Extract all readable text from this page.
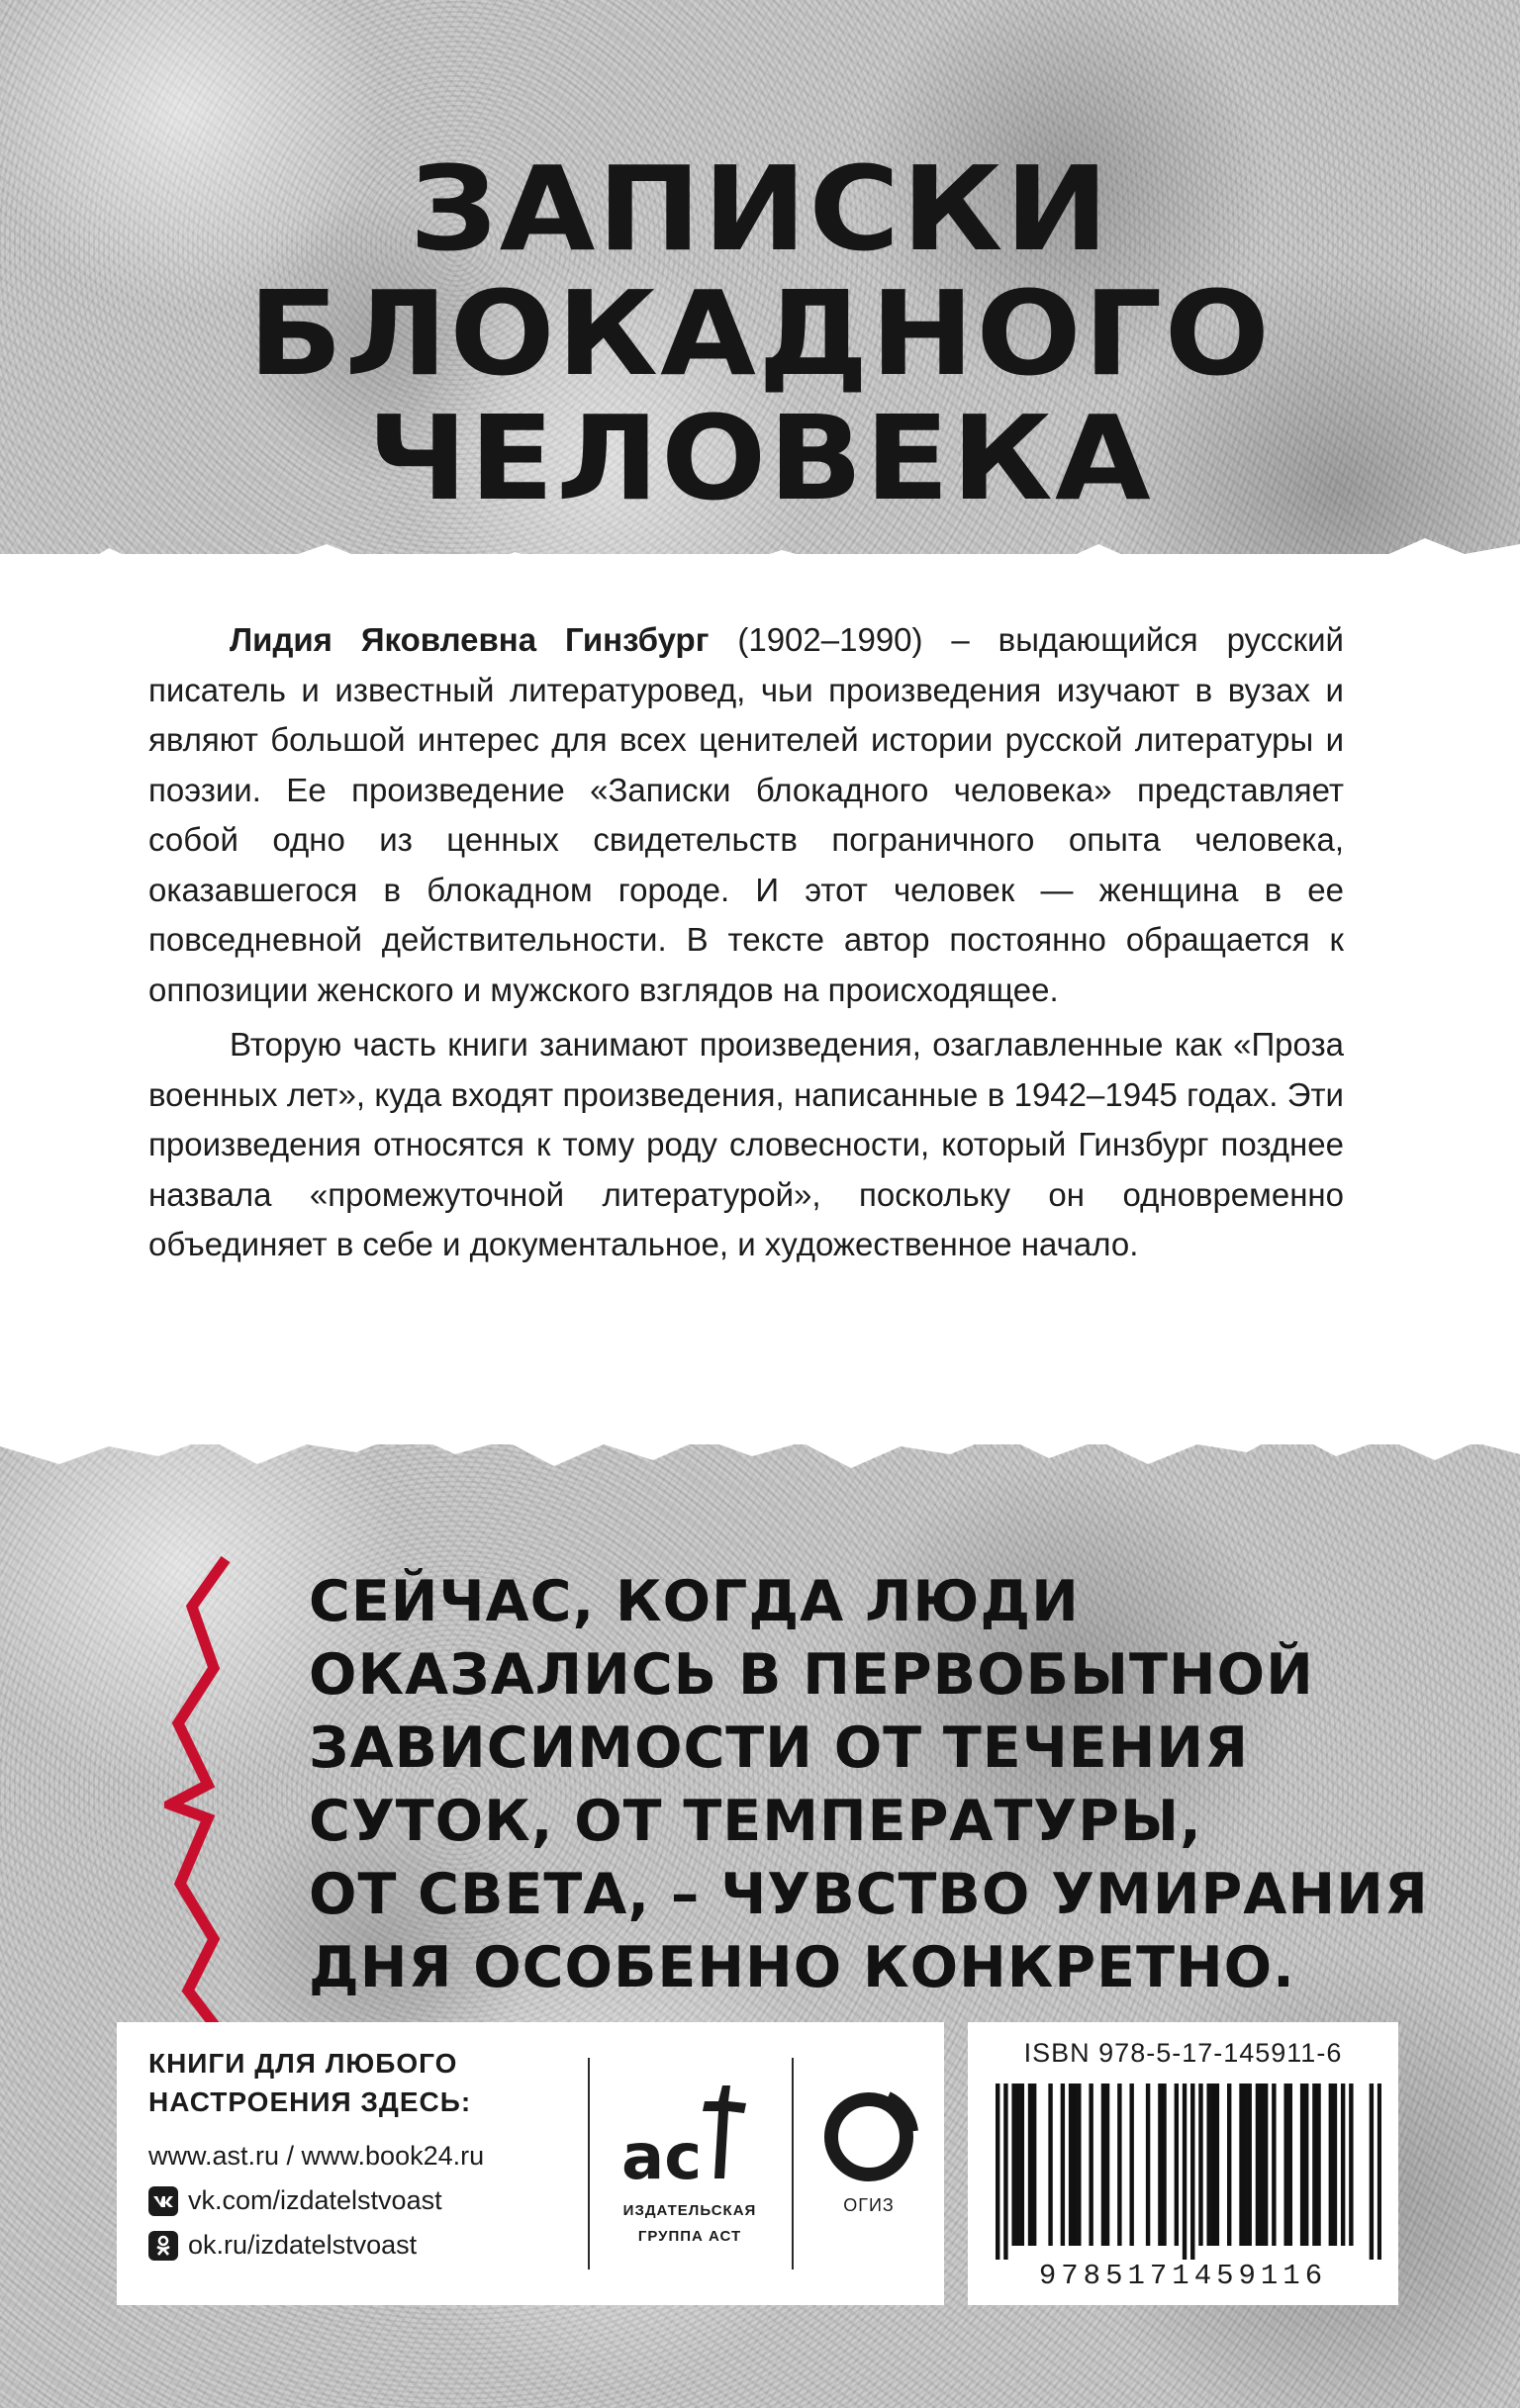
ЗАПИСКИ
БЛОКАДНОГО
ЧЕЛОВЕКА

Лидия Яковлевна Гинзбург (1902–1990) – выдающийся русский писатель и известный литературовед, чьи произведения изучают в вузах и являют большой интерес для всех ценителей истории русской литературы и поэзии. Ее произведение «Записки блокадного человека» представляет собой одно из ценных свидетельств пограничного опыта человека, оказавшегося в блокадном городе. И этот человек — женщина в ее повседневной действительности. В тексте автор постоянно обращается к оппозиции женского и мужского взглядов на происходящее.

Вторую часть книги занимают произведения, озаглавленные как «Проза военных лет», куда входят произведения, написанные в 1942–1945 годах. Эти произведения относятся к тому роду словесности, который Гинзбург позднее назвала «промежуточной литературой», поскольку он одновременно объединяет в себе и документальное, и художественное начало.

СЕЙЧАС, КОГДА ЛЮДИ
ОКАЗАЛИСЬ В ПЕРВОБЫТНОЙ
ЗАВИСИМОСТИ ОТ ТЕЧЕНИЯ
СУТОК, ОТ ТЕМПЕРАТУРЫ,
ОТ СВЕТА, – ЧУВСТВО УМИРАНИЯ
ДНЯ ОСОБЕННО КОНКРЕТНО.
КНИГИ ДЛЯ ЛЮБОГО
НАСТРОЕНИЯ ЗДЕСЬ:
www.ast.ru / www.book24.ru
vk.com/izdatelstvoast
ok.ru/izdatelstvoast
ас
ИЗДАТЕЛЬСКАЯ
ГРУППА АСТ
ОГИЗ
ISBN 978-5-17-145911-6
9785171459116
